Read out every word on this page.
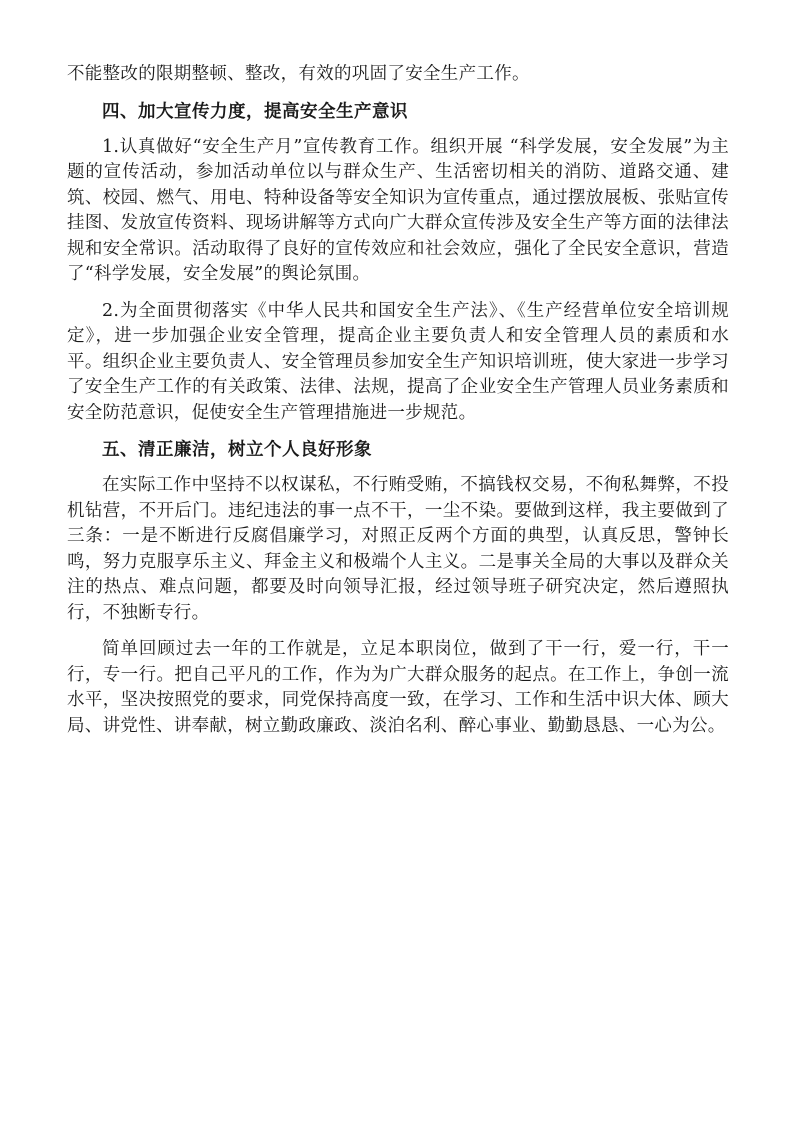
不能整改的限期整顿、整改，有效的巩固了安全生产工作。

四、加大宣传力度，提高安全生产意识

1.认真做好“安全生产月”宣传教育工作。组织开展 “科学发展，安全发展”为主题的宣传活动，参加活动单位以与群众生产、生活密切相关的消防、道路交通、建筑、校园、燃气、用电、特种设备等安全知识为宣传重点，通过摆放展板、张贴宣传挂图、发放宣传资料、现场讲解等方式向广大群众宣传涉及安全生产等方面的法律法规和安全常识。活动取得了良好的宣传效应和社会效应，强化了全民安全意识，营造了“科学发展，安全发展”的舆论氛围。

2.为全面贯彻落实《中华人民共和国安全生产法》、《生产经营单位安全培训规定》，进一步加强企业安全管理，提高企业主要负责人和安全管理人员的素质和水平。组织企业主要负责人、安全管理员参加安全生产知识培训班，使大家进一步学习了安全生产工作的有关政策、法律、法规，提高了企业安全生产管理人员业务素质和安全防范意识，促使安全生产管理措施进一步规范。

五、清正廉洁，树立个人良好形象

在实际工作中坚持不以权谋私，不行贿受贿，不搞钱权交易，不徇私舞弊，不投机钻营，不开后门。违纪违法的事一点不干，一尘不染。要做到这样，我主要做到了三条：一是不断进行反腐倡廉学习，对照正反两个方面的典型，认真反思，警钟长鸣，努力克服享乐主义、拜金主义和极端个人主义。二是事关全局的大事以及群众关注的热点、难点问题，都要及时向领导汇报，经过领导班子研究决定，然后遵照执行，不独断专行。

简单回顾过去一年的工作就是，立足本职岗位，做到了干一行，爱一行，干一行，专一行。把自己平凡的工作，作为为广大群众服务的起点。在工作上，争创一流水平，坚决按照党的要求，同党保持高度一致，在学习、工作和生活中识大体、顾大局、讲党性、讲奉献，树立勤政廉政、淡泊名利、醉心事业、勤勤恳恳、一心为公。
